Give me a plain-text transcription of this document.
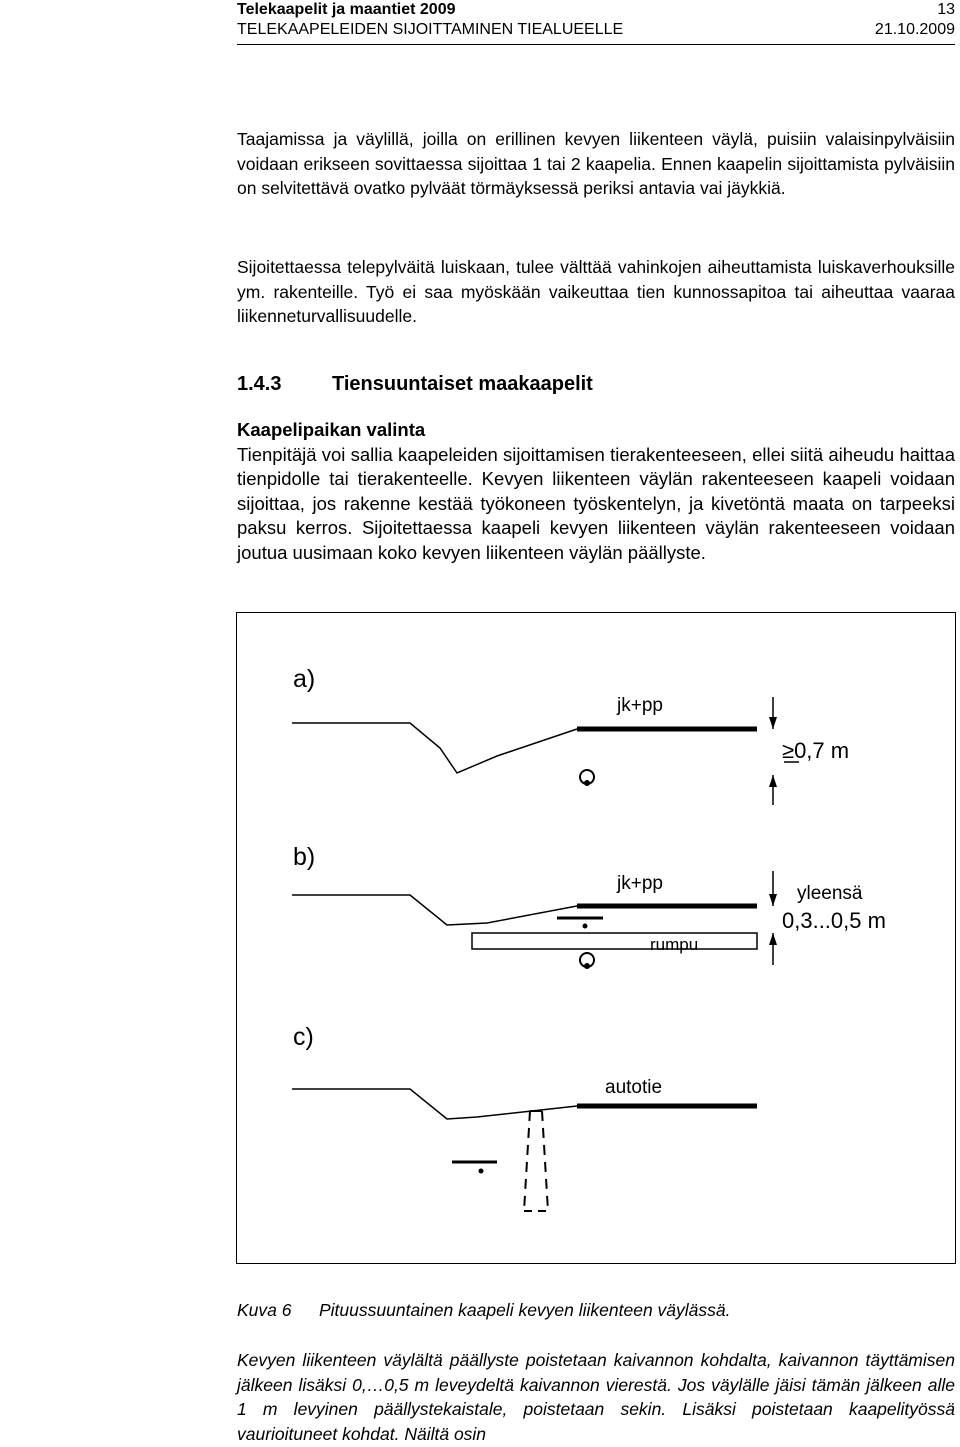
Telekaapelit ja maantiet 2009	13
TELEKAAPELEIDEN SIJOITTAMINEN TIEALUEELLE	21.10.2009

Taajamissa ja väylillä, joilla on erillinen kevyen liikenteen väylä, puisiin valaisinpylväisiin voidaan erikseen sovittaessa sijoittaa 1 tai 2 kaapelia. Ennen kaapelin sijoittamista pylväisiin on selvitettävä ovatko pylväät törmäyksessä periksi antavia vai jäykkiä.

Sijoitettaessa telepylväitä luiskaan, tulee välttää vahinkojen aiheuttamista luiskaverhouksille ym. rakenteille. Työ ei saa myöskään vaikeuttaa tien kunnossapitoa tai aiheuttaa vaaraa liikenneturvallisuudelle.

1.4.3	Tiensuuntaiset maakaapelit
Kaapelipaikan valinta

Tienpitäjä voi sallia kaapeleiden sijoittamisen tierakenteeseen, ellei siitä aiheudu haittaa tienpidolle tai tierakenteelle. Kevyen liikenteen väylän rakenteeseen kaapeli voidaan sijoittaa, jos rakenne kestää työkoneen työskentelyn, ja kivetöntä maata on tarpeeksi paksu kerros. Sijoitettaessa kaapeli kevyen liikenteen väylän rakenteeseen voidaan joutua uusimaan koko kevyen liikenteen väylän päällyste.

a)
jk+pp
≥0,7 m
b)
jk+pp	yleensä
0,3...0,5 m
rumpu
c)
autotie
Kuva 6 Pituussuuntainen kaapeli kevyen liikenteen väylässä.

Kevyen liikenteen väylältä päällyste poistetaan kaivannon kohdalta, kaivannon täyttämisen jälkeen lisäksi 0,…0,5 m leveydeltä kaivannon vierestä. Jos väylälle jäisi tämän jälkeen alle 1 m levyinen päällystekaistale, poistetaan sekin. Lisäksi poistetaan kaapelityössä vaurioituneet kohdat. Näiltä osin
